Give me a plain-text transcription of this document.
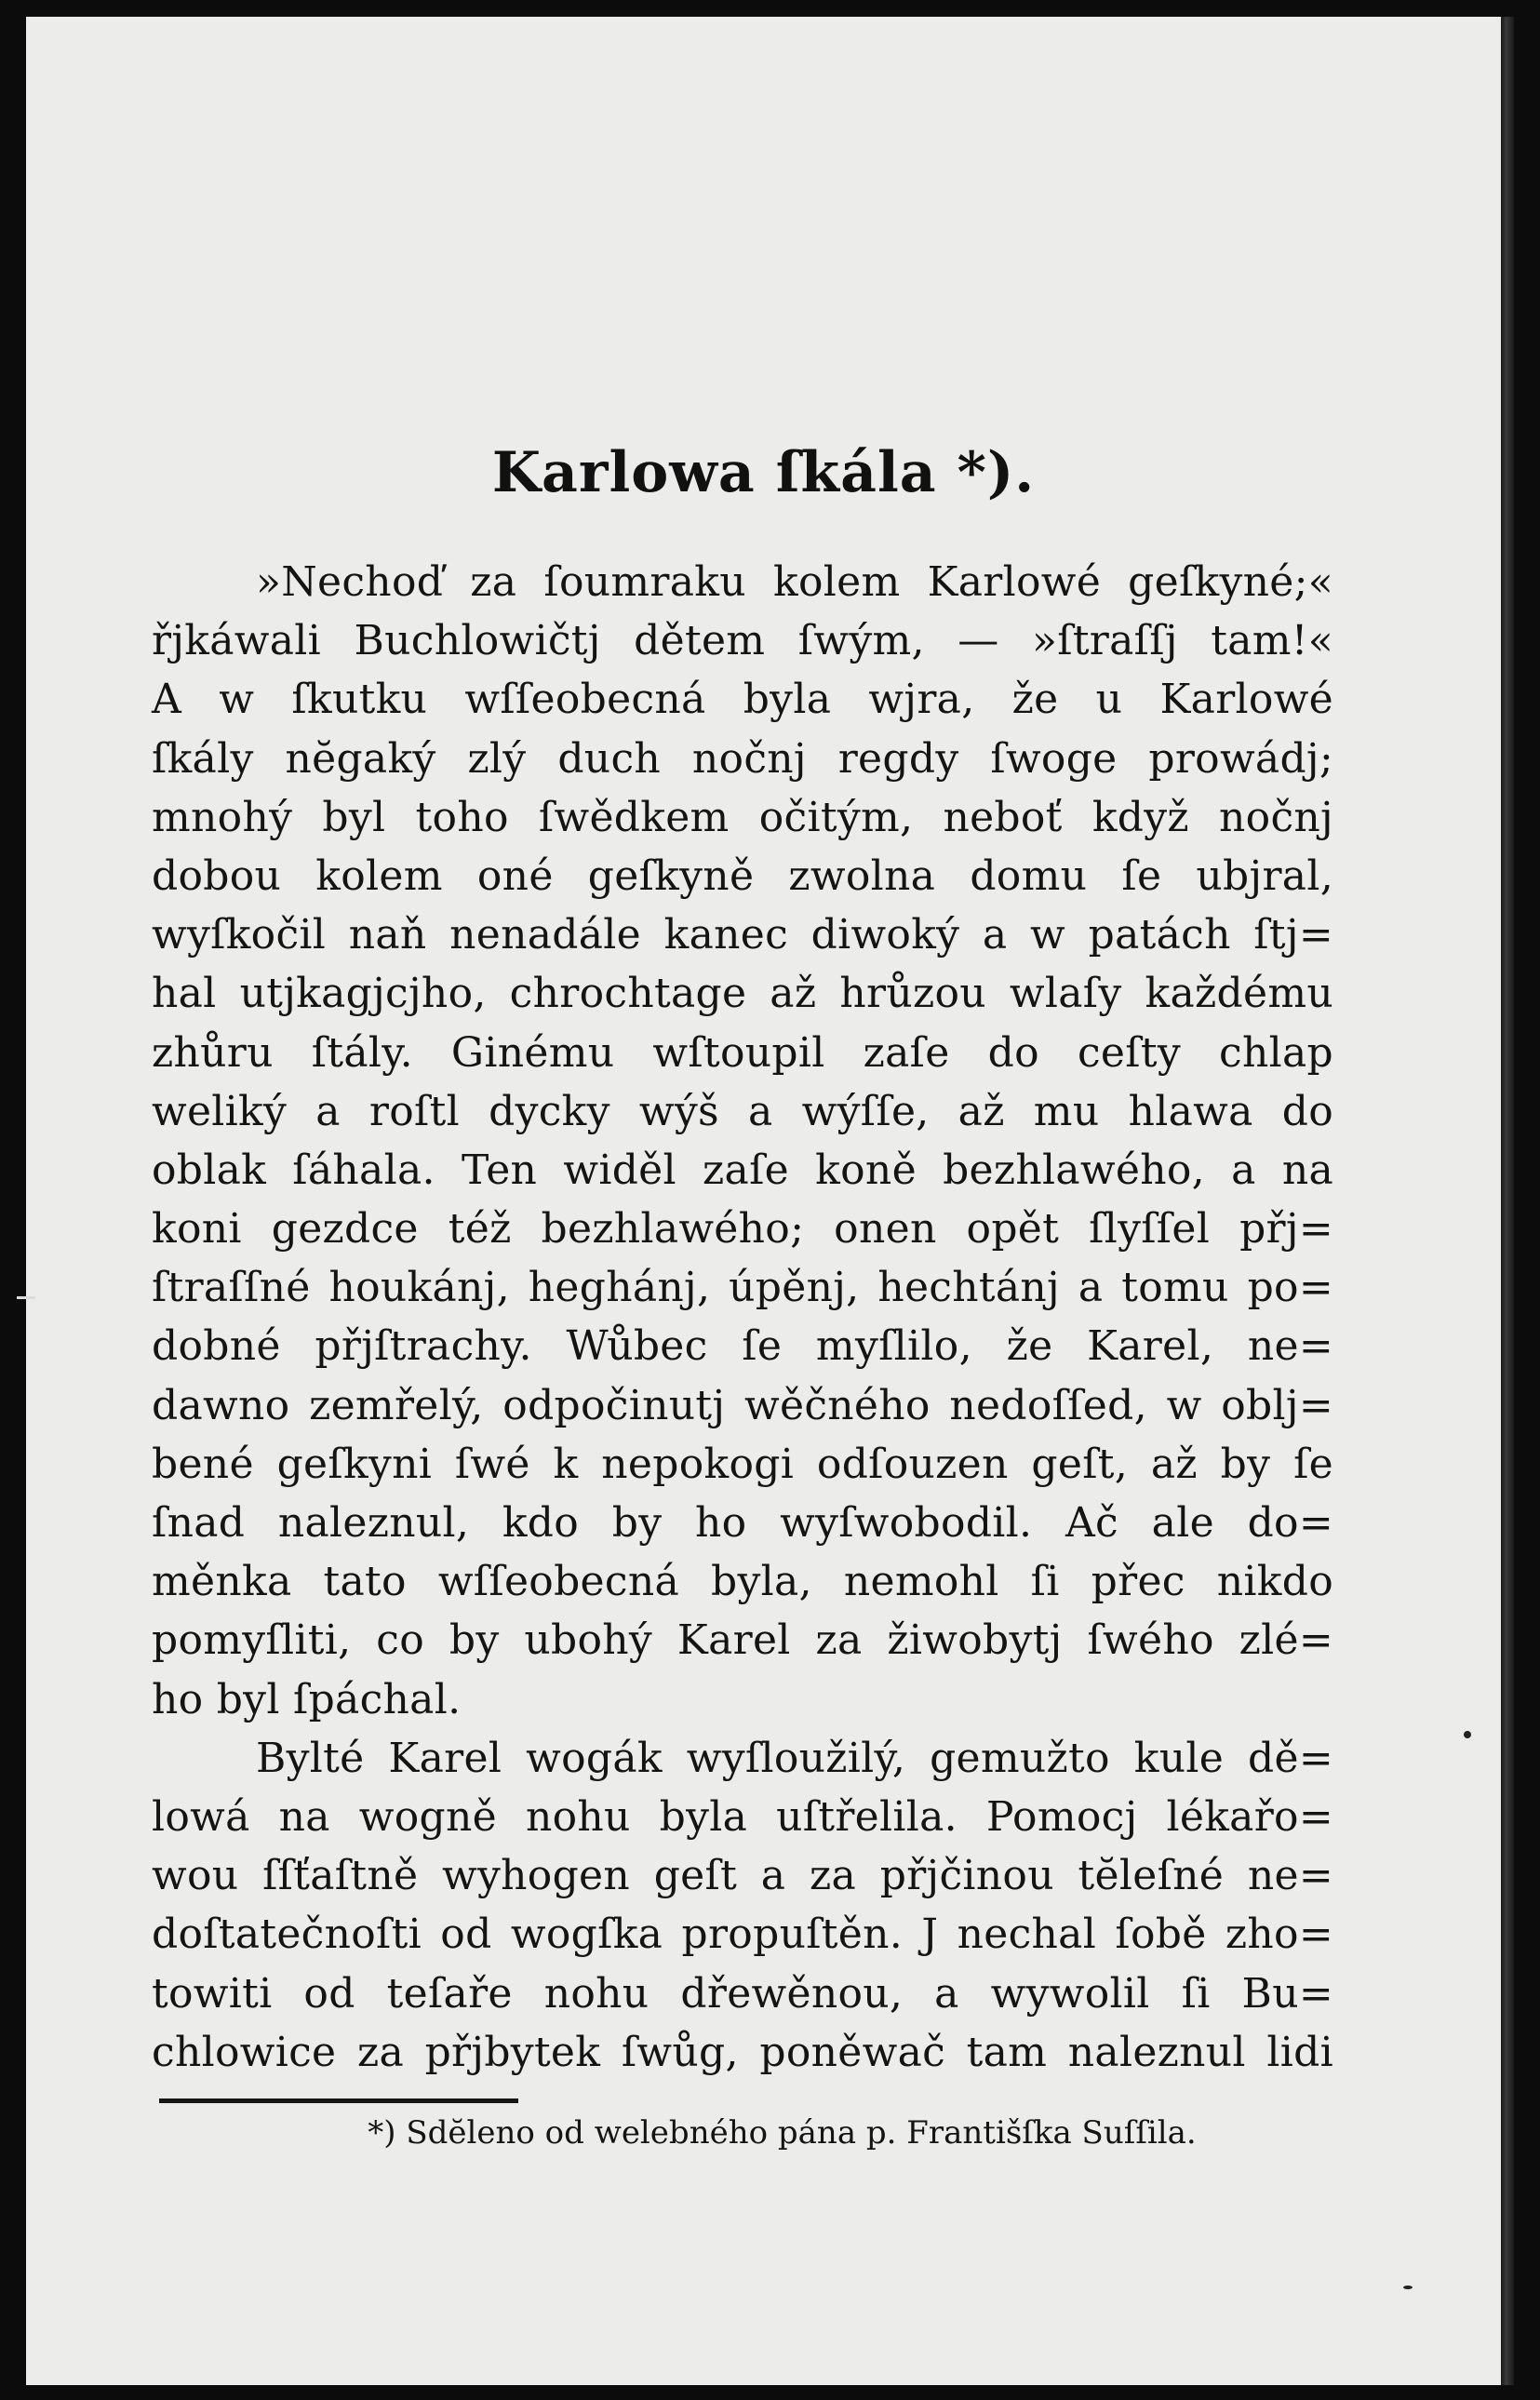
Karlowa ſkála *).
»Nechoď za ſoumraku kolem Karlowé geſkyné;«
řjkáwali Buchlowičtj dětem ſwým, — »ſtraſſj tam!«
A w ſkutku wſſeobecná byla wjra, že u Karlowé
ſkály nĕgaký zlý duch nočnj regdy ſwoge prowádj;
mnohý byl toho ſwědkem očitým, neboť když nočnj
dobou kolem oné geſkyně zwolna domu ſe ubjral,
wyſkočil naň nenadále kanec diwoký a w patách ſtj=
hal utjkagjcjho, chrochtage až hrůzou wlaſy každému
zhůru ſtály. Ginému wſtoupil zaſe do ceſty chlap
weliký a roſtl dycky wýš a wýſſe, až mu hlawa do
oblak ſáhala. Ten widěl zaſe koně bezhlawého, a na
koni gezdce též bezhlawého; onen opět ſlyſſel přj=
ſtraſſné houkánj, heghánj, úpěnj, hechtánj a tomu po=
dobné přjſtrachy. Wůbec ſe myſlilo, že Karel, ne=
dawno zemřelý, odpočinutj wěčného nedoſſed, w oblj=
bené geſkyni ſwé k nepokogi odſouzen geſt, až by ſe
ſnad naleznul, kdo by ho wyſwobodil. Ač ale do=
měnka tato wſſeobecná byla, nemohl ſi přec nikdo
pomyſliti, co by ubohý Karel za žiwobytj ſwého zlé=
ho byl ſpáchal.
Bylté Karel wogák wyſloužilý, gemužto kule dě=
lowá na wogně nohu byla uſtřelila. Pomocj lékařo=
wou ſſťaſtně wyhogen geſt a za přjčinou tĕleſné ne=
doſtatečnoſti od wogſka propuſtěn. J nechal ſobě zho=
towiti od teſaře nohu dřewěnou, a wywolil ſi Bu=
chlowice za přjbytek ſwůg, poněwač tam naleznul lidi
*) Sdĕleno od welebného pána p. Františſka Suſſila.
